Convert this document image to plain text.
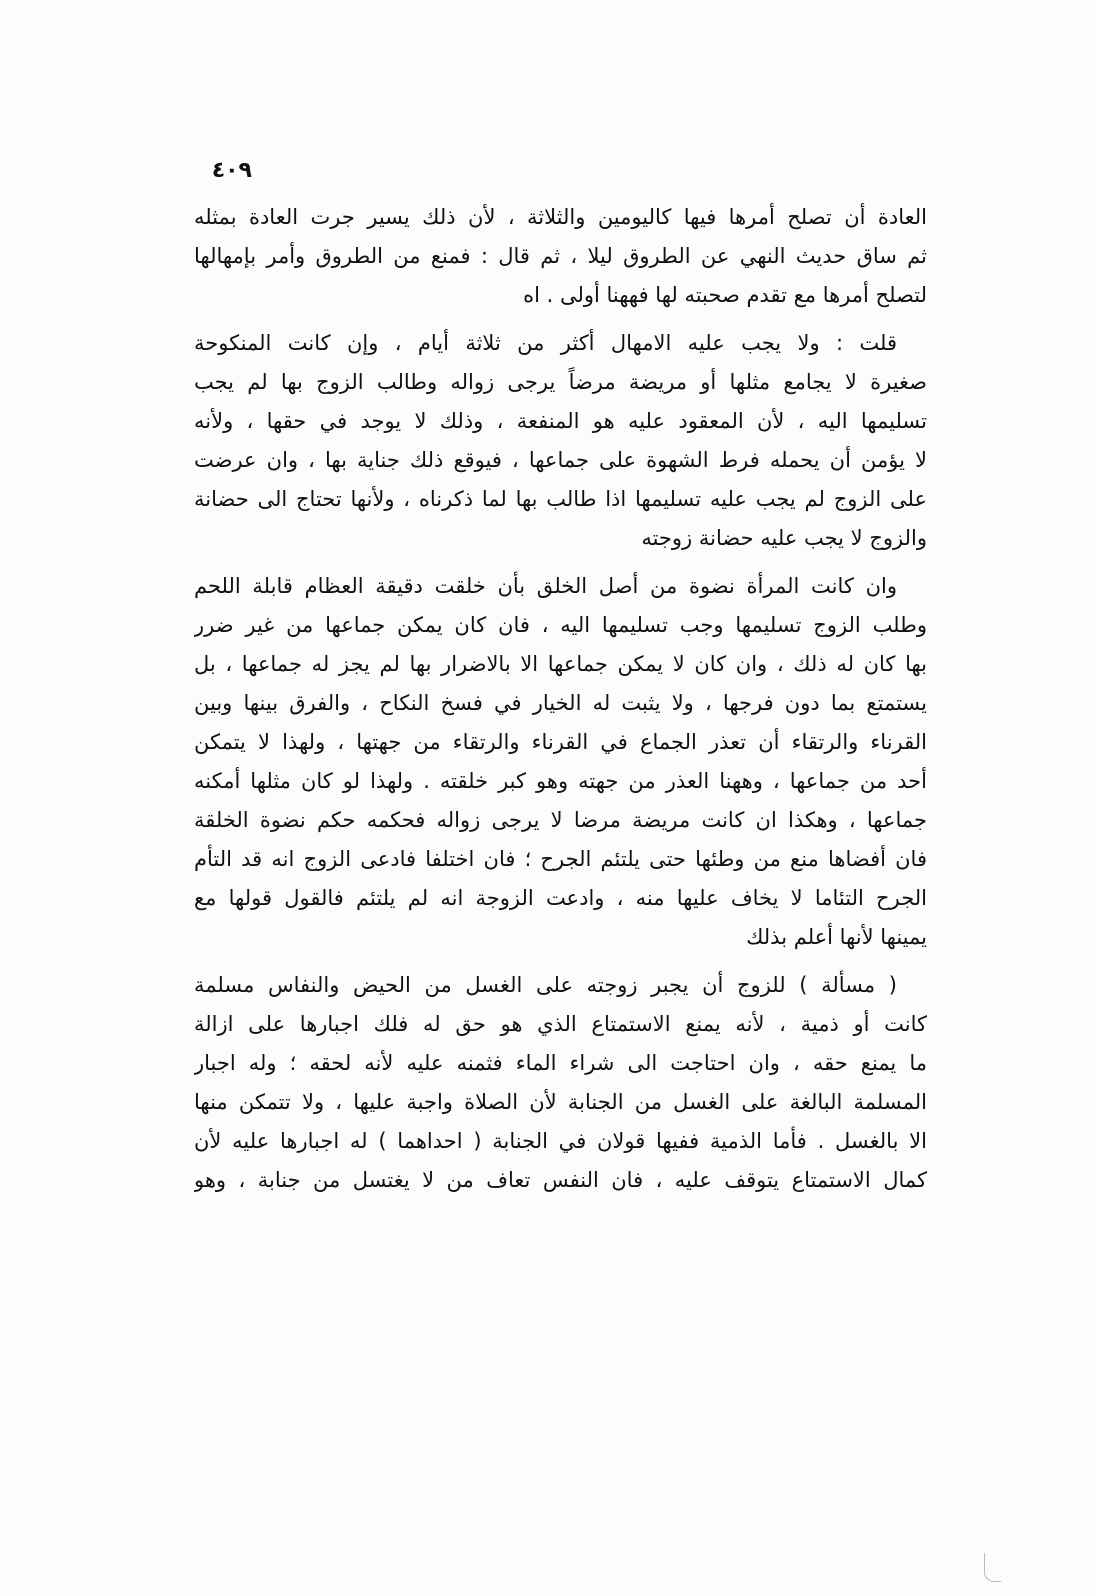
٤٠٩
العادة أن تصلح أمرها فيها كاليومين والثلاثة ، لأن ذلك يسير جرت العادة بمثله
ثم ساق حديث النهي عن الطروق ليلا ، ثم قال : فمنع من الطروق وأمر بإمهالها
لتصلح أمرها مع تقدم صحبته لها فههنا أولى . اه
قلت : ولا يجب عليه الامهال أكثر من ثلاثة أيام ، وإن كانت المنكوحة
صغيرة لا يجامع مثلها أو مريضة مرضاً يرجى زواله وطالب الزوج بها لم يجب
تسليمها اليه ، لأن المعقود عليه هو المنفعة ، وذلك لا يوجد في حقها ، ولأنه
لا يؤمن أن يحمله فرط الشهوة على جماعها ، فيوقع ذلك جناية بها ، وان عرضت
على الزوج لم يجب عليه تسليمها اذا طالب بها لما ذكرناه ، ولأنها تحتاج الى حضانة
والزوج لا يجب عليه حضانة زوجته
وان كانت المرأة نضوة من أصل الخلق بأن خلقت دقيقة العظام قابلة اللحم
وطلب الزوج تسليمها وجب تسليمها اليه ، فان كان يمكن جماعها من غير ضرر
بها كان له ذلك ، وان كان لا يمكن جماعها الا بالاضرار بها لم يجز له جماعها ، بل
يستمتع بما دون فرجها ، ولا يثبت له الخيار في فسخ النكاح ، والفرق بينها وبين
القرناء والرتقاء أن تعذر الجماع في القرناء والرتقاء من جهتها ، ولهذا لا يتمكن
أحد من جماعها ، وههنا العذر من جهته وهو كبر خلقته . ولهذا لو كان مثلها أمكنه
جماعها ، وهكذا ان كانت مريضة مرضا لا يرجى زواله فحكمه حكم نضوة الخلقة
فان أفضاها منع من وطئها حتى يلتئم الجرح ؛ فان اختلفا فادعى الزوج انه قد التأم
الجرح التئاما لا يخاف عليها منه ، وادعت الزوجة انه لم يلتئم فالقول قولها مع
يمينها لأنها أعلم بذلك
( مسألة ) للزوج أن يجبر زوجته على الغسل من الحيض والنفاس مسلمة
كانت أو ذمية ، لأنه يمنع الاستمتاع الذي هو حق له فلك اجبارها على ازالة
ما يمنع حقه ، وان احتاجت الى شراء الماء فثمنه عليه لأنه لحقه ؛ وله اجبار
المسلمة البالغة على الغسل من الجنابة لأن الصلاة واجبة عليها ، ولا تتمكن منها
الا بالغسل . فأما الذمية ففيها قولان في الجنابة ( احداهما ) له اجبارها عليه لأن
كمال الاستمتاع يتوقف عليه ، فان النفس تعاف من لا يغتسل من جنابة ، وهو
